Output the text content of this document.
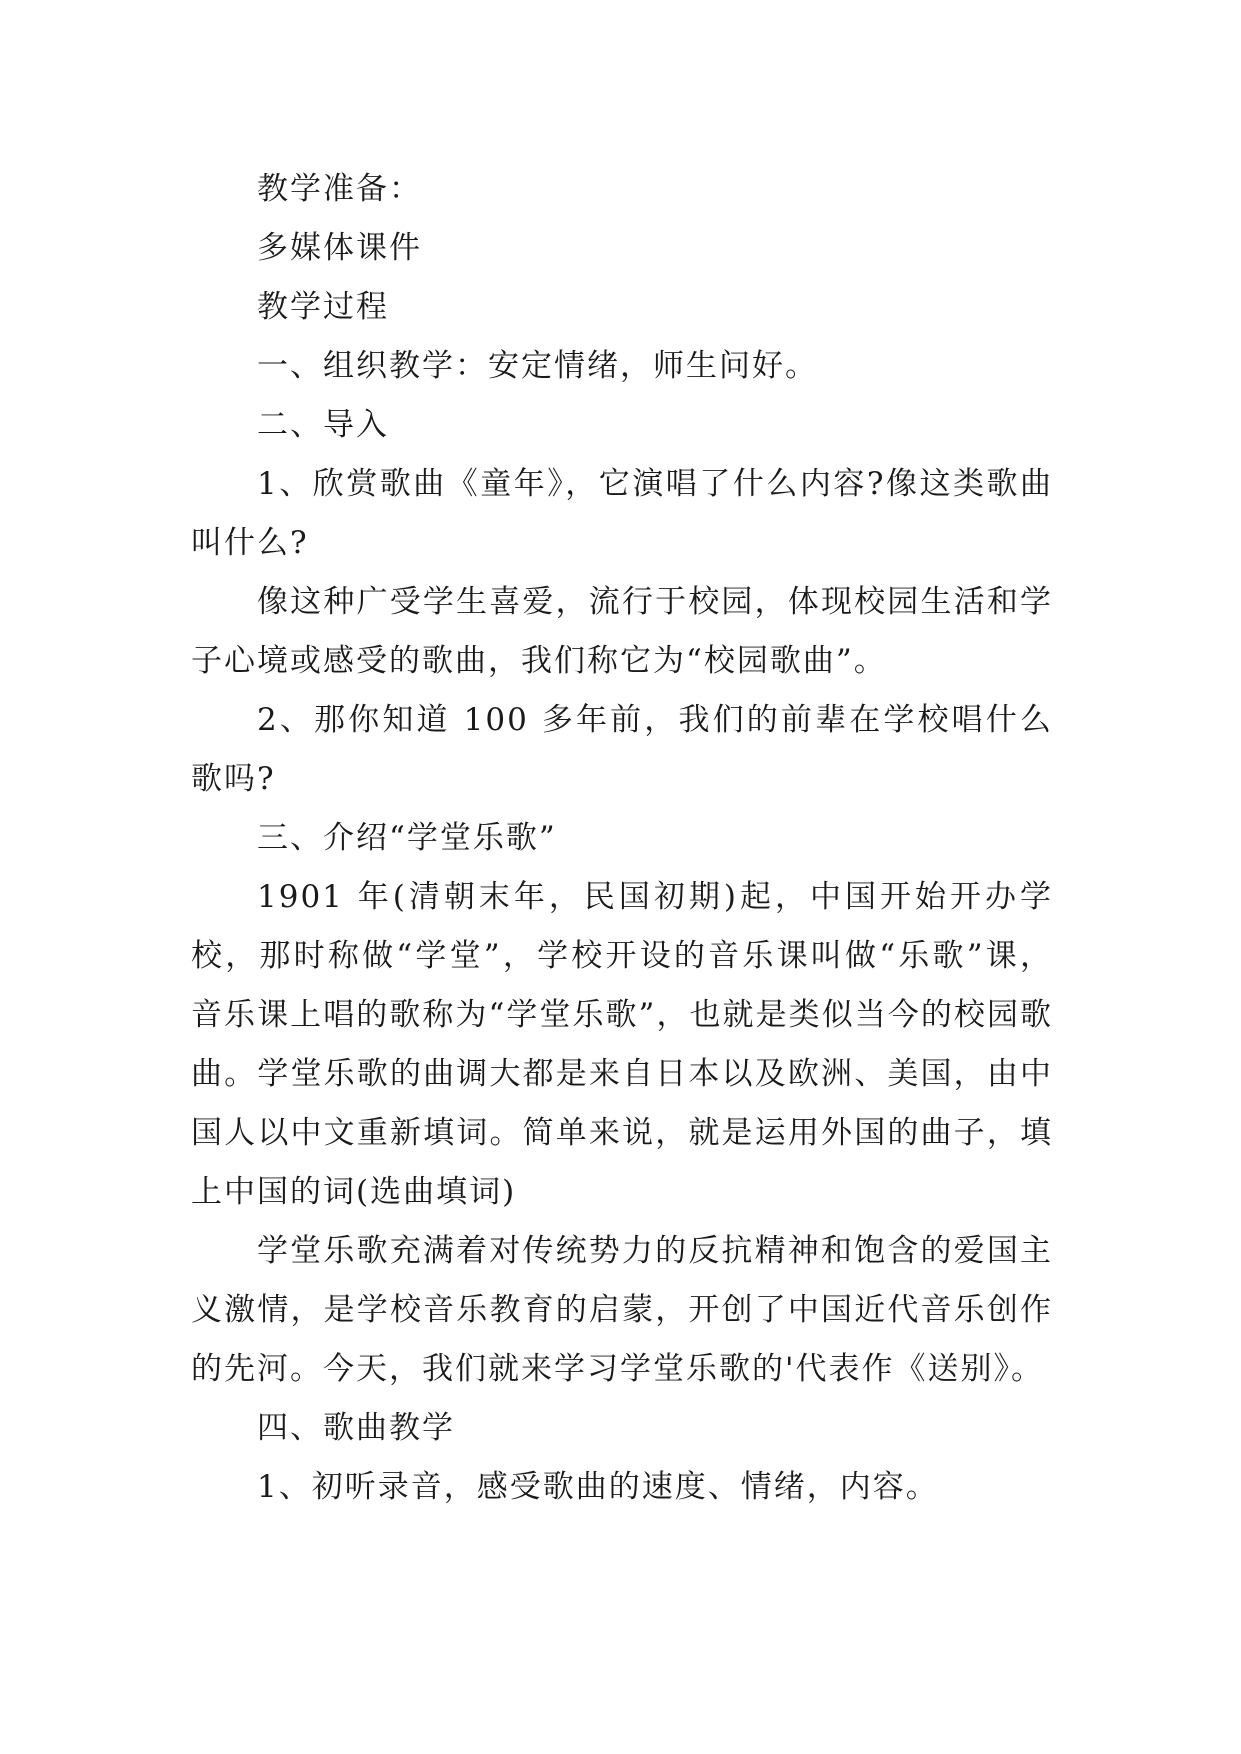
教学准备：

多媒体课件

教学过程

一、组织教学：安定情绪，师生问好。

二、导入

1、欣赏歌曲《童年》，它演唱了什么内容?像这类歌曲叫什么?

像这种广受学生喜爱，流行于校园，体现校园生活和学子心境或感受的歌曲，我们称它为“校园歌曲”。

2、那你知道 100 多年前，我们的前辈在学校唱什么歌吗?

三、介绍“学堂乐歌”

1901 年(清朝末年，民国初期)起，中国开始开办学校，那时称做“学堂”，学校开设的音乐课叫做“乐歌”课，音乐课上唱的歌称为“学堂乐歌”，也就是类似当今的校园歌曲。学堂乐歌的曲调大都是来自日本以及欧洲、美国，由中国人以中文重新填词。简单来说，就是运用外国的曲子，填上中国的词(选曲填词)

学堂乐歌充满着对传统势力的反抗精神和饱含的爱国主义激情，是学校音乐教育的启蒙，开创了中国近代音乐创作的先河。今天，我们就来学习学堂乐歌的'代表作《送别》。

四、歌曲教学

1、初听录音，感受歌曲的速度、情绪，内容。
